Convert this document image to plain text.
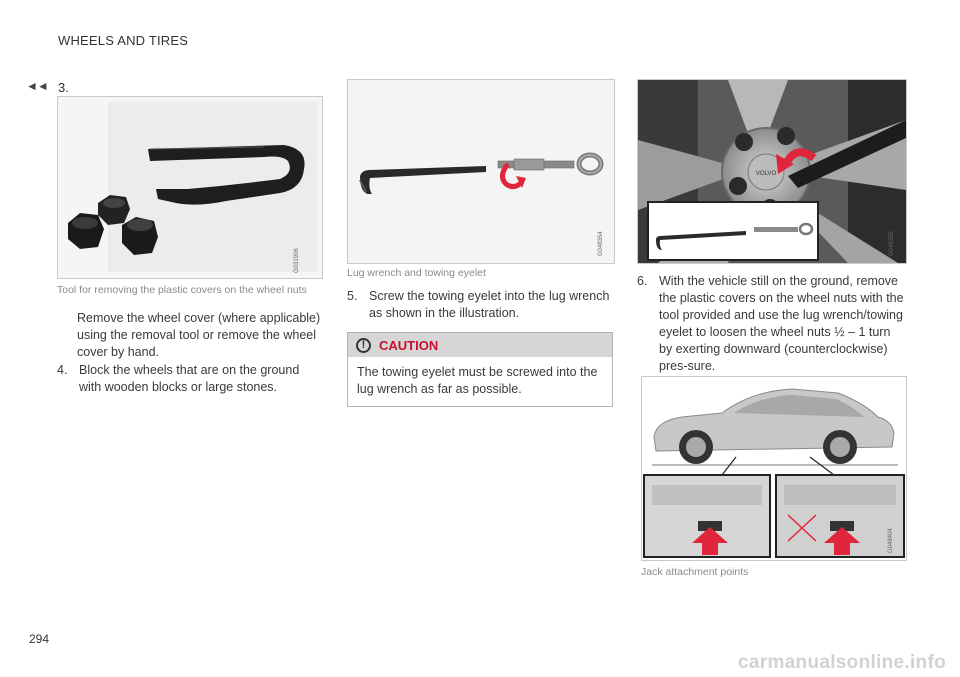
WHEELS AND TIRES
◄◄ 3.
G031906
Tool for removing the plastic covers on the wheel nuts
Remove the wheel cover (where applicable) using the removal tool or remove the wheel cover by hand.
4. Block the wheels that are on the ground with wooden blocks or large stones.
G048354
Lug wrench and towing eyelet
5. Screw the towing eyelet into the lug wrench as shown in the illustration.
!	CAUTION
The towing eyelet must be screwed into the lug wrench as far as possible.
VOLVO
G048355
6. With the vehicle still on the ground, remove the plastic covers on the wheel nuts with the tool provided and use the lug wrench/towing eyelet to loosen the wheel nuts ½ – 1 turn by exerting downward (counterclockwise) pres-sure.
G048404
Jack attachment points
294
carmanualsonline.info
